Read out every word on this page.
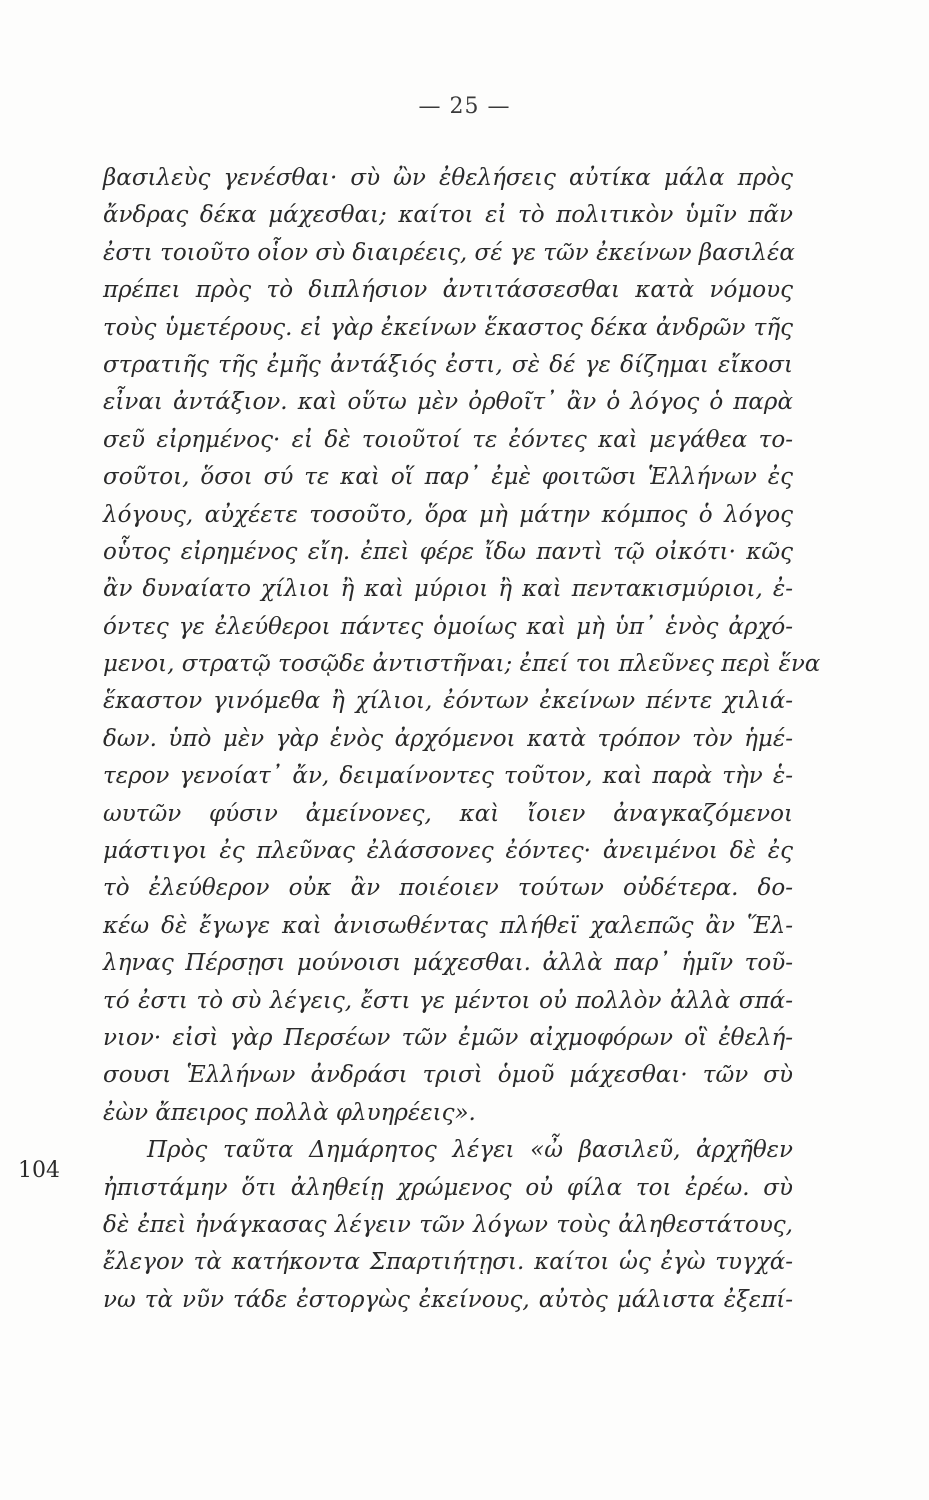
— 25 —
βασιλεὺς γενέσθαι· σὺ ὢν ἐθελήσεις αὐτίκα μάλα πρὸς
ἄνδρας δέκα μάχεσθαι; καίτοι εἰ τὸ πολιτικὸν ὑμῖν πᾶν
ἐστι τοιοῦτο οἷον σὺ διαιρέεις, σέ γε τῶν ἐκείνων βασιλέα
πρέπει πρὸς τὸ διπλήσιον ἀντιτάσσεσθαι κατὰ νόμους
τοὺς ὑμετέρους. εἰ γὰρ ἐκείνων ἕκαστος δέκα ἀνδρῶν τῆς
στρατιῆς τῆς ἐμῆς ἀντάξιός ἐστι, σὲ δέ γε δίζημαι εἴκοσι
εἶναι ἀντάξιον. καὶ οὕτω μὲν ὀρθοῖτ᾽ ἂν ὁ λόγος ὁ παρὰ
σεῦ εἰρημένος· εἰ δὲ τοιοῦτοί τε ἐόντες καὶ μεγάθεα το-
σοῦτοι, ὅσοι σύ τε καὶ οἵ παρ᾽ ἐμὲ φοιτῶσι Ἑλλήνων ἐς
λόγους, αὐχέετε τοσοῦτο, ὅρα μὴ μάτην κόμπος ὁ λόγος
οὗτος εἰρημένος εἴη. ἐπεὶ φέρε ἴδω παντὶ τῷ οἰκότι· κῶς
ἂν δυναίατο χίλιοι ἢ καὶ μύριοι ἢ καὶ πεντακισμύριοι, ἐ-
όντες γε ἐλεύθεροι πάντες ὁμοίως καὶ μὴ ὑπ᾽ ἑνὸς ἀρχό-
μενοι, στρατῷ τοσῷδε ἀντιστῆναι; ἐπεί τοι πλεῦνες περὶ ἕνα
ἕκαστον γινόμεθα ἢ χίλιοι, ἐόντων ἐκείνων πέντε χιλιά-
δων. ὑπὸ μὲν γὰρ ἑνὸς ἀρχόμενοι κατὰ τρόπον τὸν ἡμέ-
τερον γενοίατ᾽ ἄν, δειμαίνοντες τοῦτον, καὶ παρὰ τὴν ἑ-
ωυτῶν φύσιν ἀμείνονες, καὶ ἴοιεν ἀναγκαζόμενοι
μάστιγοι ἐς πλεῦνας ἐλάσσονες ἐόντες· ἀνειμένοι δὲ ἐς
τὸ ἐλεύθερον οὐκ ἂν ποιέοιεν τούτων οὐδέτερα. δο-
κέω δὲ ἔγωγε καὶ ἀνισωθέντας πλήθεϊ χαλεπῶς ἂν Ἕλ-
ληνας Πέρσῃσι μούνοισι μάχεσθαι. ἀλλὰ παρ᾽ ἡμῖν τοῦ-
τό ἐστι τὸ σὺ λέγεις, ἔστι γε μέντοι οὐ πολλὸν ἀλλὰ σπά-
νιον· εἰσὶ γὰρ Περσέων τῶν ἐμῶν αἰχμοφόρων οἳ ἐθελή-
σουσι Ἑλλήνων ἀνδράσι τρισὶ ὁμοῦ μάχεσθαι· τῶν σὺ
ἐὼν ἄπειρος πολλὰ φλυηρέεις».
Πρὸς ταῦτα Δημάρητος λέγει «ὦ βασιλεῦ, ἀρχῆθεν
ἠπιστάμην ὅτι ἀληθείῃ χρώμενος οὐ φίλα τοι ἐρέω. σὺ
δὲ ἐπεὶ ἠνάγκασας λέγειν τῶν λόγων τοὺς ἀληθεστάτους,
ἔλεγον τὰ κατήκοντα Σπαρτιήτῃσι. καίτοι ὡς ἐγὼ τυγχά-
νω τὰ νῦν τάδε ἐστοργὼς ἐκείνους, αὐτὸς μάλιστα ἐξεπί-
104
